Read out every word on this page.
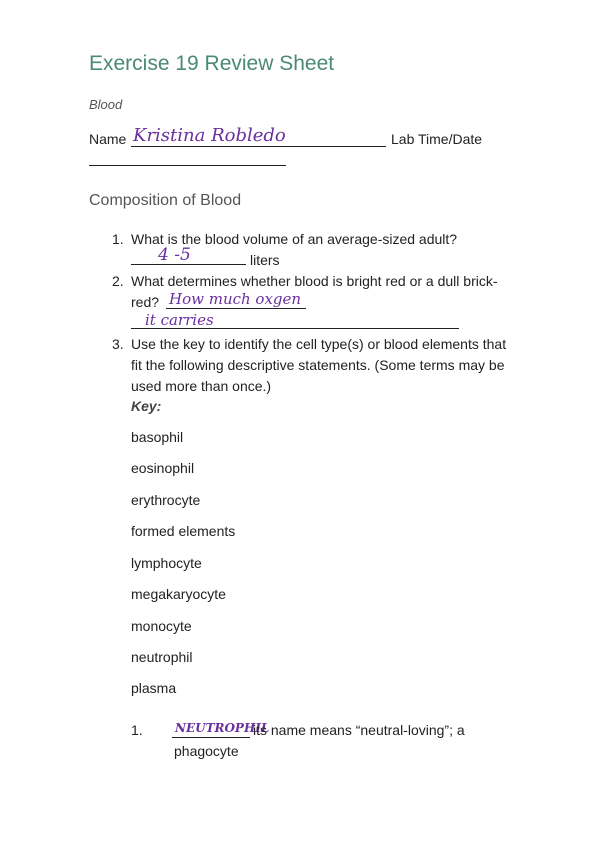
Exercise 19 Review Sheet
Blood
Name Kristina Robledo	Lab Time/Date
Composition of Blood
1. What is the blood volume of an average-sized adult?
4 -5	liters
2. What determines whether blood is bright red or a dull brick-
red? How much oxgen
it carries
3. Use the key to identify the cell type(s) or blood elements that
fit the following descriptive statements. (Some terms may be
used more than once.)
Key:
basophil
eosinophil
erythrocyte
formed elements
lymphocyte
megakaryocyte
monocyte
neutrophil
plasma
1.	NEUTROPHIL
its name means “neutral-loving”; a
phagocyte
